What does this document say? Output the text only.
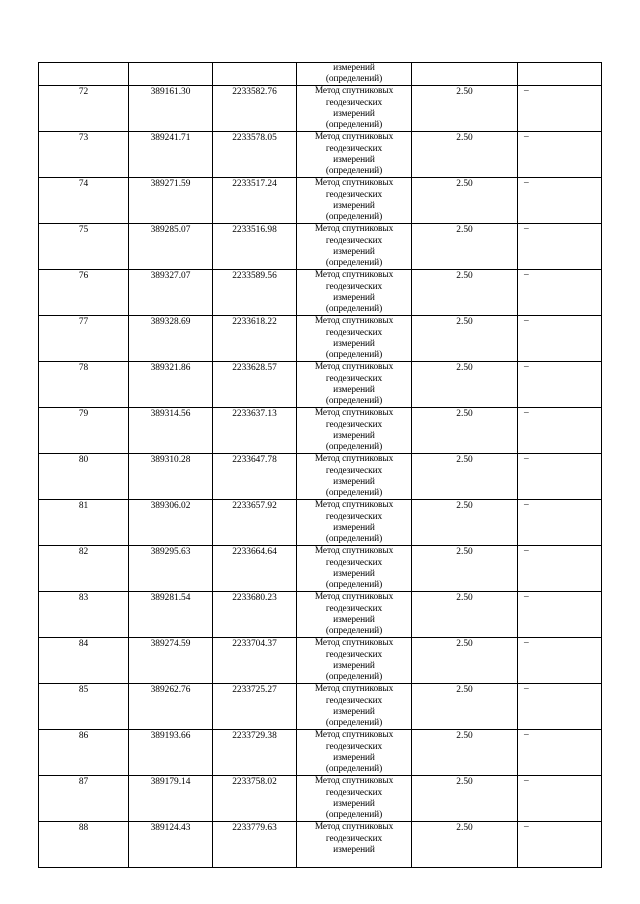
			измерений
(определений)		

72	389161.30	2233582.76	Метод спутниковых
геодезических
измерений
(определений)	2.50	–
73	389241.71	2233578.05	Метод спутниковых
геодезических
измерений
(определений)	2.50	–
74	389271.59	2233517.24	Метод спутниковых
геодезических
измерений
(определений)	2.50	–
75	389285.07	2233516.98	Метод спутниковых
геодезических
измерений
(определений)	2.50	–
76	389327.07	2233589.56	Метод спутниковых
геодезических
измерений
(определений)	2.50	–
77	389328.69	2233618.22	Метод спутниковых
геодезических
измерений
(определений)	2.50	–
78	389321.86	2233628.57	Метод спутниковых
геодезических
измерений
(определений)	2.50	–
79	389314.56	2233637.13	Метод спутниковых
геодезических
измерений
(определений)	2.50	–
80	389310.28	2233647.78	Метод спутниковых
геодезических
измерений
(определений)	2.50	–
81	389306.02	2233657.92	Метод спутниковых
геодезических
измерений
(определений)	2.50	–
82	389295.63	2233664.64	Метод спутниковых
геодезических
измерений
(определений)	2.50	–
83	389281.54	2233680.23	Метод спутниковых
геодезических
измерений
(определений)	2.50	–
84	389274.59	2233704.37	Метод спутниковых
геодезических
измерений
(определений)	2.50	–
85	389262.76	2233725.27	Метод спутниковых
геодезических
измерений
(определений)	2.50	–
86	389193.66	2233729.38	Метод спутниковых
геодезических
измерений
(определений)	2.50	–
87	389179.14	2233758.02	Метод спутниковых
геодезических
измерений
(определений)	2.50	–
88	389124.43	2233779.63	Метод спутниковых
геодезических
измерений	2.50	–
